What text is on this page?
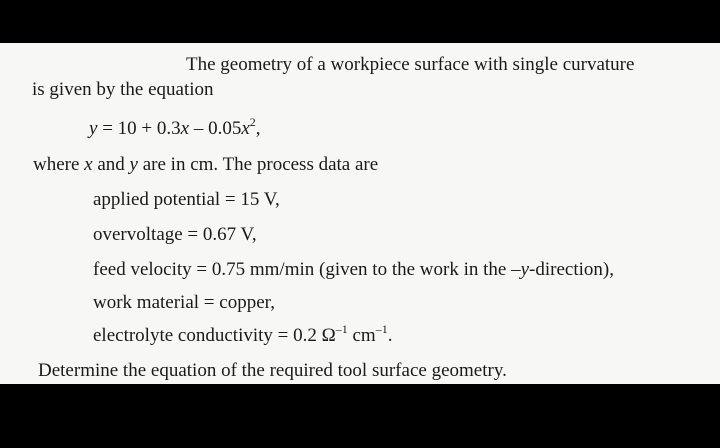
The geometry of a workpiece surface with single curvature
is given by the equation
$y = 10 + 0.3x - 0.05x^2$,
where x and y are in cm. The process data are
applied potential = 15 V,
overvoltage = 0.67 V,
feed velocity = 0.75 mm/min (given to the work in the –y-direction),
work material = copper,
electrolyte conductivity = 0.2 $\Omega^{-1}$ $cm^{-1}$.
Determine the equation of the required tool surface geometry.
